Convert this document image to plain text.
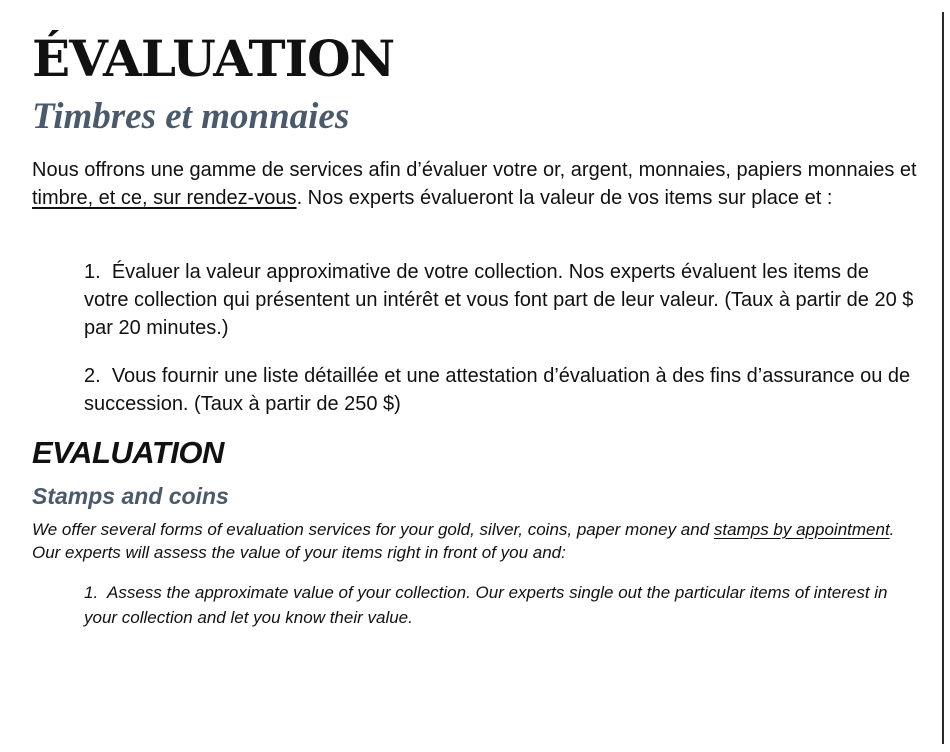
ÉVALUATION
Timbres et monnaies

Nous offrons une gamme de services afin d’évaluer votre or, argent, monnaies, papiers monnaies et timbre, et ce, sur rendez-vous. Nos experts évalueront la valeur de vos items sur place et :

1. Évaluer la valeur approximative de votre collection. Nos experts évaluent les items de votre collection qui présentent un intérêt et vous font part de leur valeur. (Taux à partir de 20 $ par 20 minutes.)

2. Vous fournir une liste détaillée et une attestation d’évaluation à des fins d’assurance ou de succession. (Taux à partir de 250 $)

EVALUATION
Stamps and coins

We offer several forms of evaluation services for your gold, silver, coins, paper money and stamps by appointment. Our experts will assess the value of your items right in front of you and:

1. Assess the approximate value of your collection. Our experts single out the particular items of interest in your collection and let you know their value.
